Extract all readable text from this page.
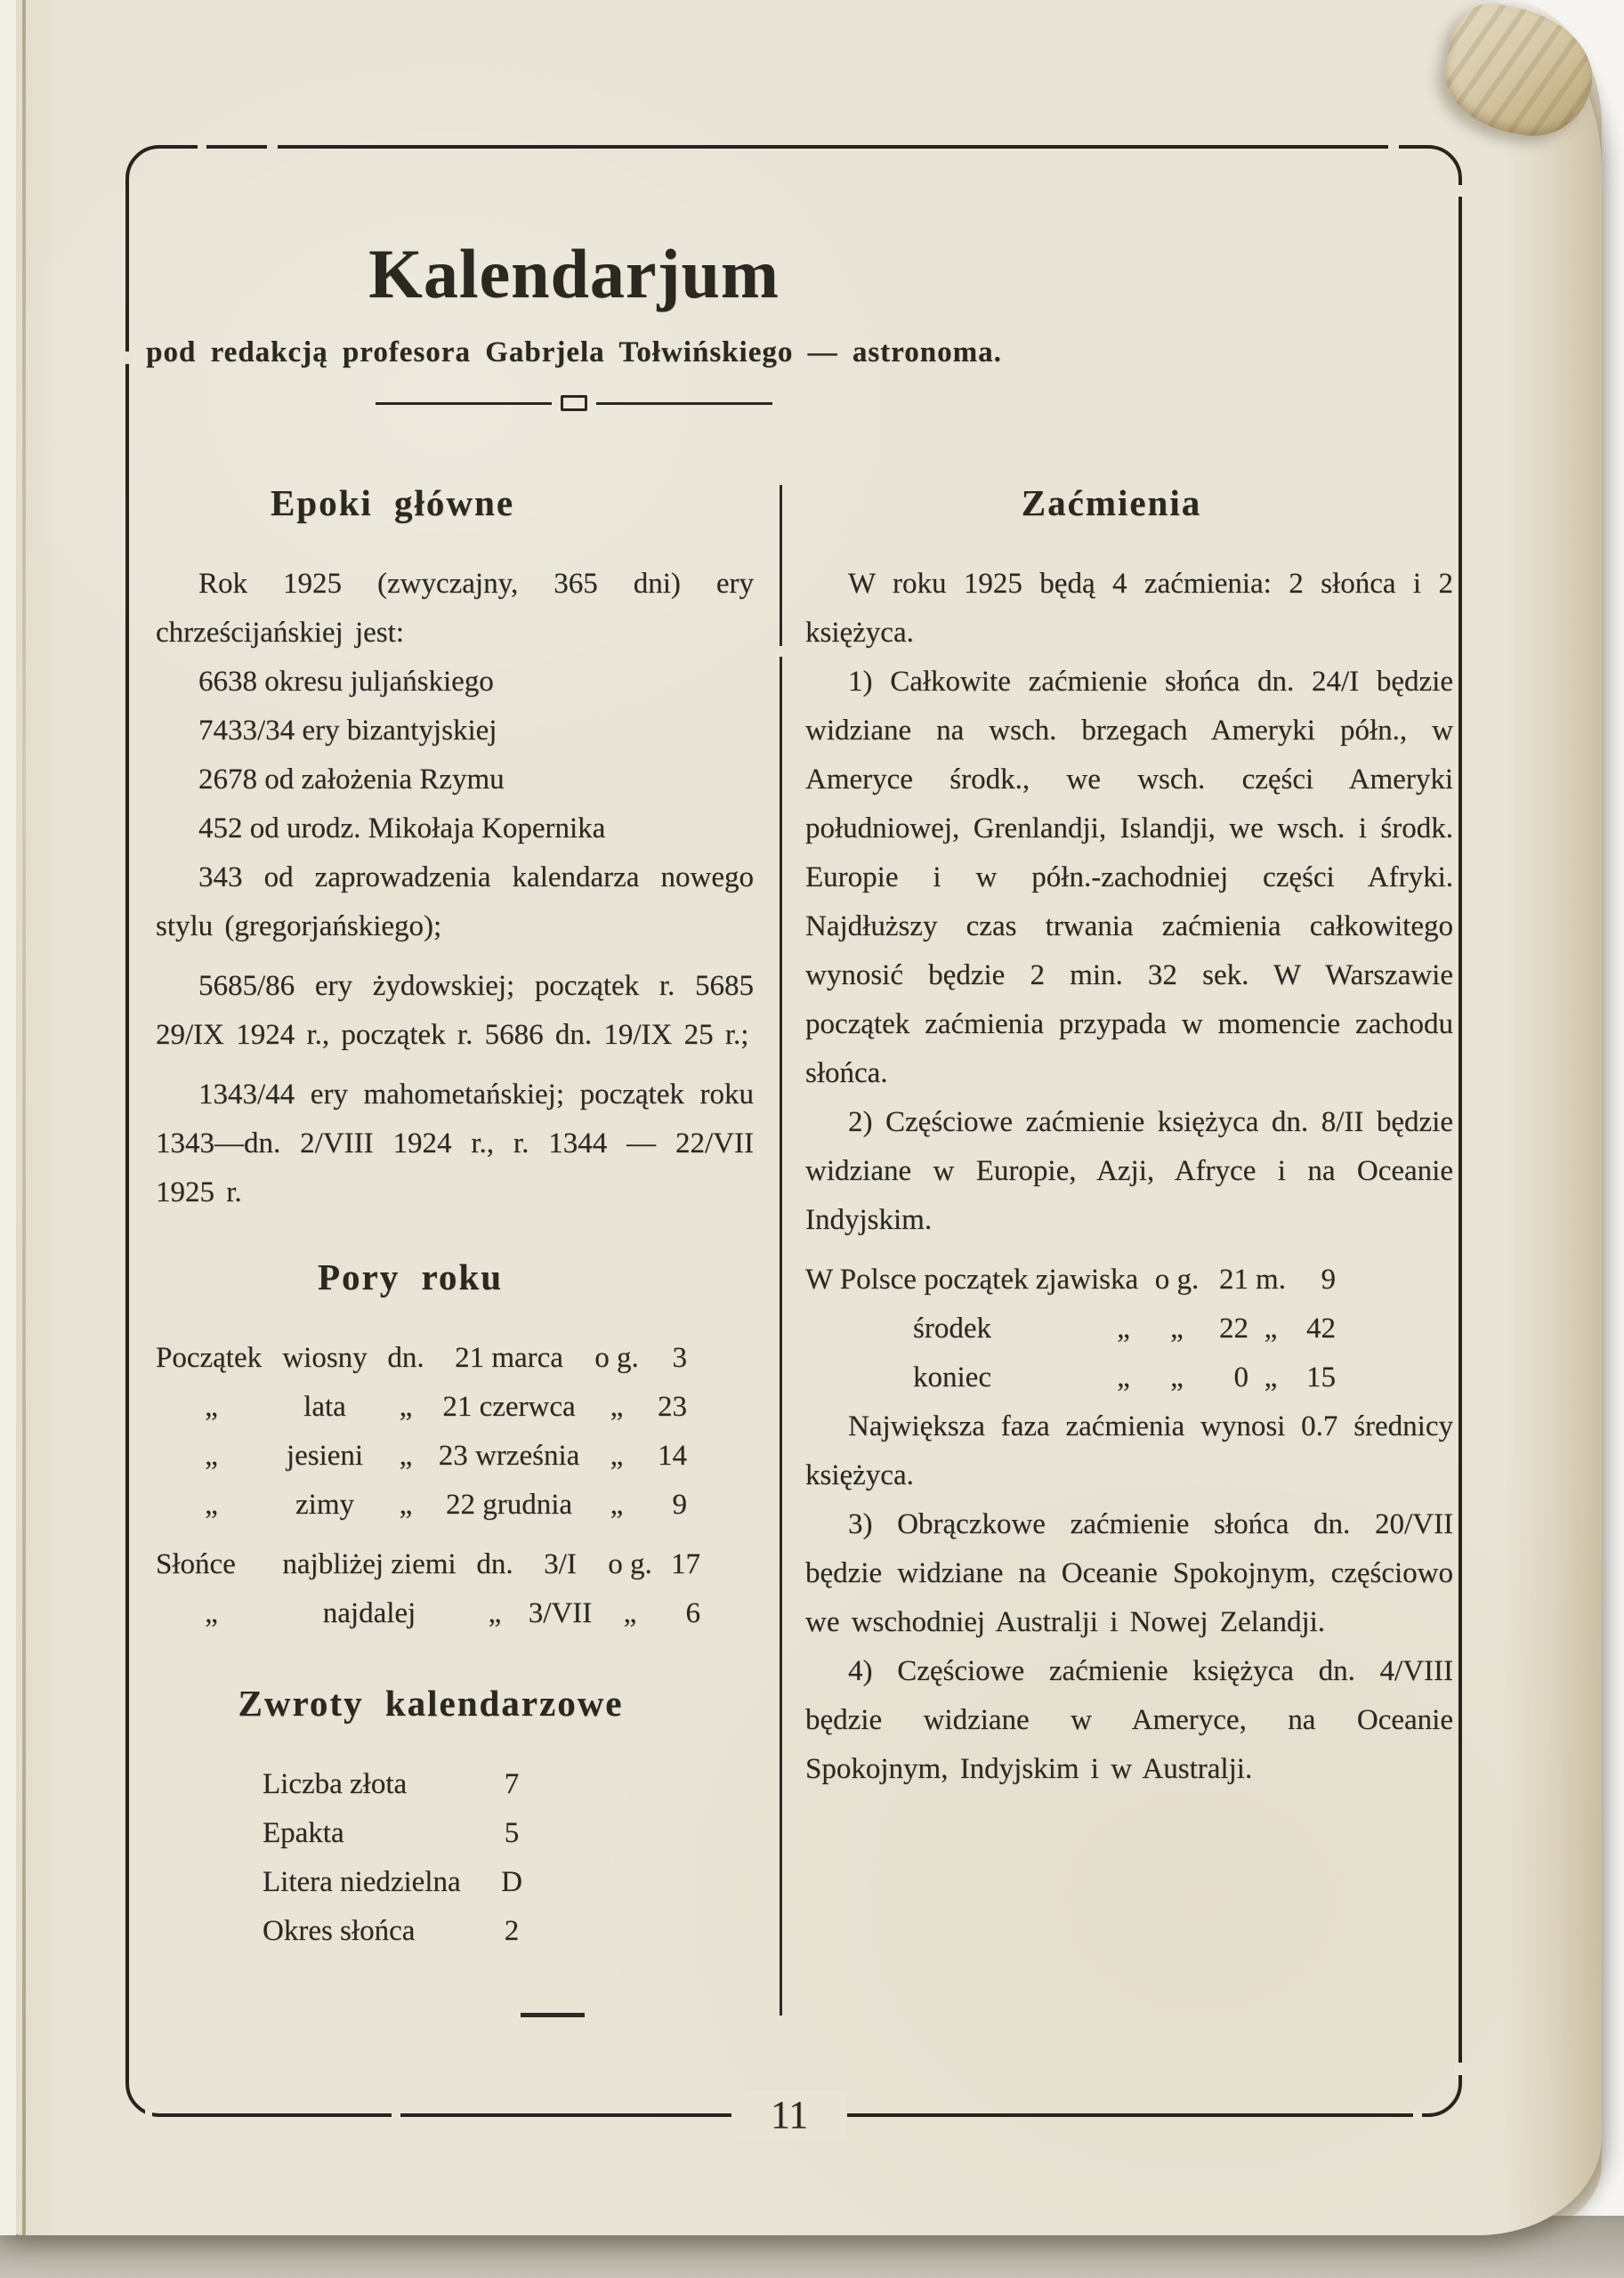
Kalendarjum

pod redakcją profesora Gabrjela Tołwińskiego — astronoma.

Epoki główne

Rok 1925 (zwyczajny, 365 dni) ery chrześcijańskiej jest:

6638 okresu juljańskiego

7433/34 ery bizantyjskiej

2678 od założenia Rzymu

452 od urodz. Mikołaja Kopernika

343 od zaprowadzenia kalendarza nowego stylu (gregorjańskiego);

5685/86 ery żydowskiej; początek r. 5685 29/IX 1924 r., początek r. 5686 dn. 19/IX 25 r.;

1343/44 ery mahometańskiej; początek roku 1343—dn. 2/VIII 1924 r., r. 1344 — 22/VII 1925 r.

Pory roku
Początek wiosny dn.	21 marca	o g.	3
„	lata	„	21 czerwca	„	23
„	jesieni	„ 23 września	„	14
„	zimy	„	22 grudnia	„	9
Słońce	najbliżej ziemi dn.	3/I	o g. 17
„	najdalej	„ 3/VII	„	6
Zwroty kalendarzowe
Liczba złota	7
Epakta	5
Litera niedzielna	D
Okres słońca	2
Zaćmienia

W roku 1925 będą 4 zaćmienia: 2 słońca i 2 księżyca.

1) Całkowite zaćmienie słońca dn. 24/I będzie widziane na wsch. brzegach Ameryki półn., w Ameryce środk., we wsch. części Ameryki południowej, Grenlandji, Islandji, we wsch. i środk. Europie i w półn.-zachodniej części Afryki. Najdłuższy czas trwania zaćmienia całkowitego wynosić będzie 2 min. 32 sek. W Warszawie początek zaćmienia przypada w momencie zachodu słońca.

2) Częściowe zaćmienie księżyca dn. 8/II będzie widziane w Europie, Azji, Afryce i na Oceanie Indyjskim.

W Polsce początek zjawiska o g. 21 m.	9
środek	„	„	22 „ 42
koniec	„	„	0 „ 15

Największa faza zaćmienia wynosi 0.7 średnicy księżyca.

3) Obrączkowe zaćmienie słońca dn. 20/VII będzie widziane na Oceanie Spokojnym, częściowo we wschodniej Australji i Nowej Zelandji.

4) Częściowe zaćmienie księżyca dn. 4/VIII będzie widziane w Ameryce, na Oceanie Spokojnym, Indyjskim i w Australji.

11
